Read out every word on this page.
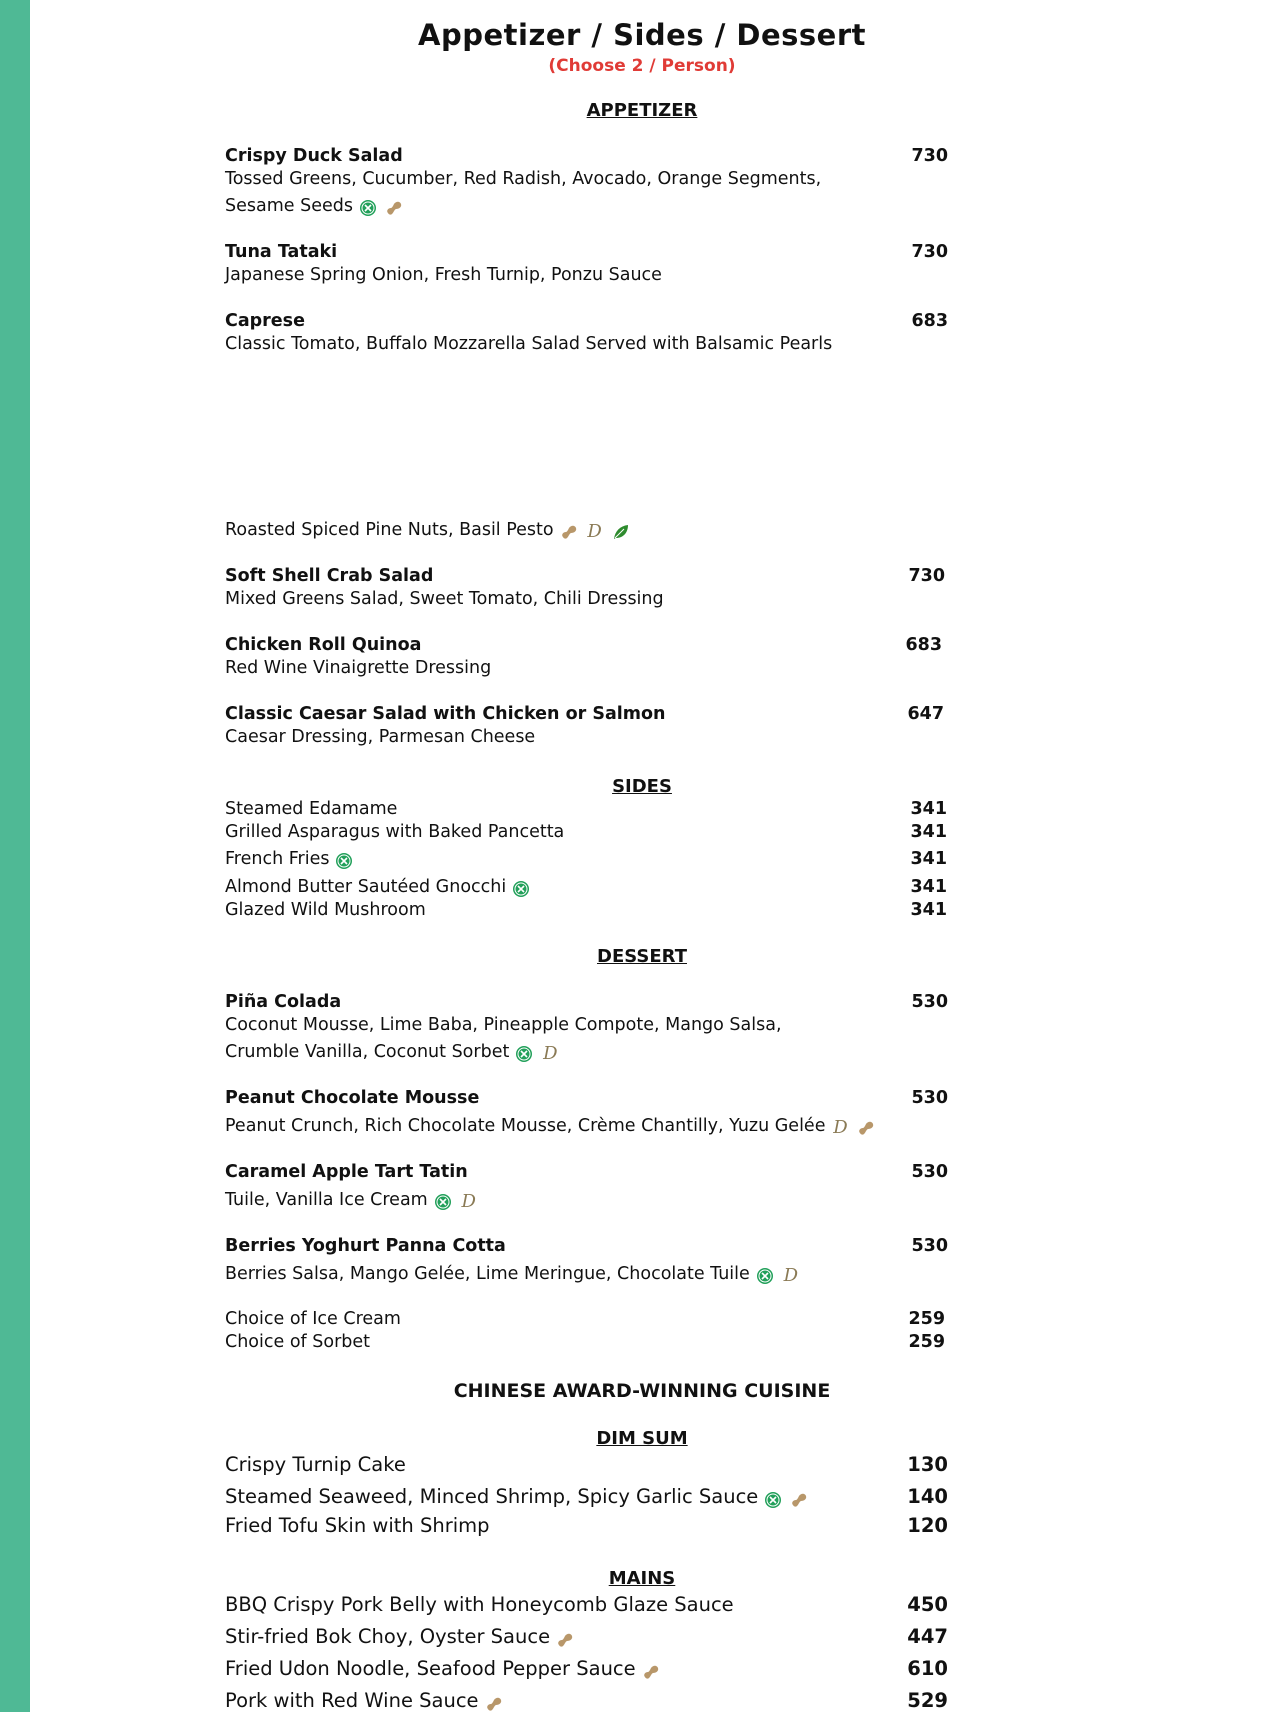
Appetizer / Sides / Dessert
(Choose 2 / Person)
APPETIZER
Crispy Duck Salad	730
Tossed Greens, Cucumber, Red Radish, Avocado, Orange Segments,
Sesame Seeds
Tuna Tataki	730
Japanese Spring Onion, Fresh Turnip, Ponzu Sauce
Caprese	683
Classic Tomato, Buffalo Mozzarella Salad Served with Balsamic Pearls
Roasted Spiced Pine Nuts, Basil Pesto D
Soft Shell Crab Salad	730
Mixed Greens Salad, Sweet Tomato, Chili Dressing
Chicken Roll Quinoa	683
Red Wine Vinaigrette Dressing
Classic Caesar Salad with Chicken or Salmon	647
Caesar Dressing, Parmesan Cheese
SIDES
Steamed Edamame	341
Grilled Asparagus with Baked Pancetta	341
French Fries	341
Almond Butter Sautéed Gnocchi	341
Glazed Wild Mushroom	341
DESSERT
Piña Colada	530
Coconut Mousse, Lime Baba, Pineapple Compote, Mango Salsa,
Crumble Vanilla, Coconut Sorbet D
Peanut Chocolate Mousse	530
Peanut Crunch, Rich Chocolate Mousse, Crème Chantilly, Yuzu Gelée D
Caramel Apple Tart Tatin	530
Tuile, Vanilla Ice Cream D
Berries Yoghurt Panna Cotta	530
Berries Salsa, Mango Gelée, Lime Meringue, Chocolate Tuile D
Choice of Ice Cream	259
Choice of Sorbet	259
CHINESE AWARD-WINNING CUISINE
DIM SUM
Crispy Turnip Cake	130
Steamed Seaweed, Minced Shrimp, Spicy Garlic Sauce	140
Fried Tofu Skin with Shrimp	120
MAINS
BBQ Crispy Pork Belly with Honeycomb Glaze Sauce	450
Stir-fried Bok Choy, Oyster Sauce	447
Fried Udon Noodle, Seafood Pepper Sauce	610
Pork with Red Wine Sauce	529
